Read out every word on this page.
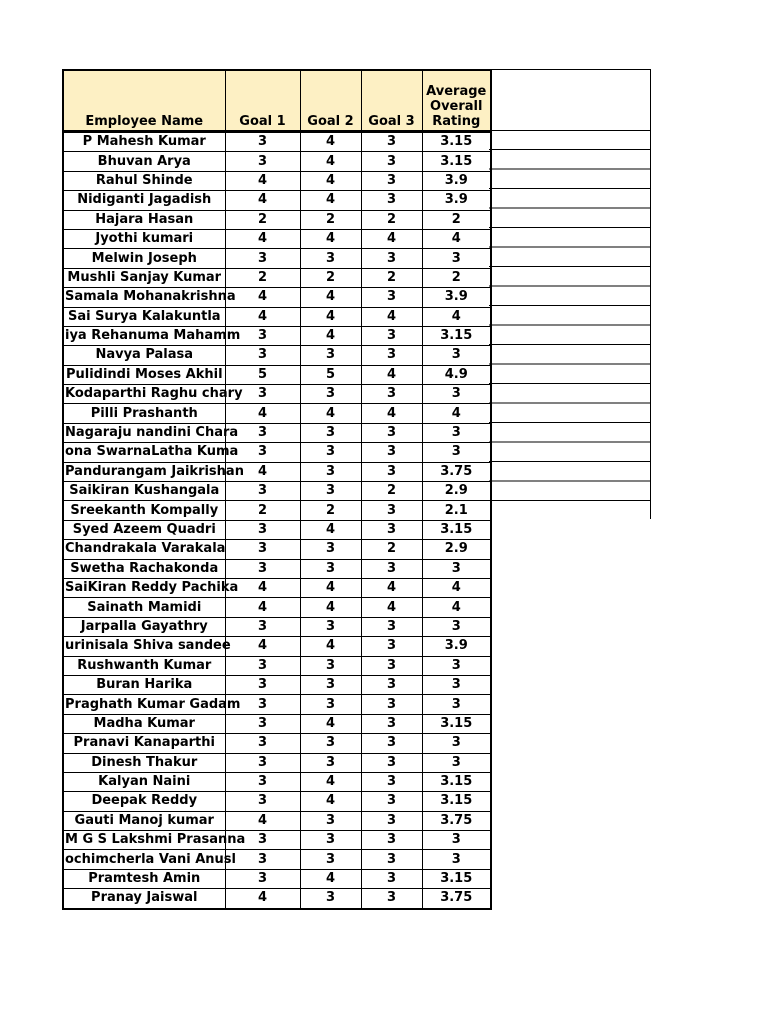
Employee Name	Goal 1	Goal 2	Goal 3	Average Overall Rating
P Mahesh Kumar	3	4	3	3.15
Bhuvan Arya	3	4	3	3.15
Rahul Shinde	4	4	3	3.9
Nidiganti Jagadish	4	4	3	3.9
Hajara Hasan	2	2	2	2
Jyothi kumari	4	4	4	4
Melwin Joseph	3	3	3	3
Mushli Sanjay Kumar	2	2	2	2
Samala Mohanakrishna	4	4	3	3.9
Sai Surya Kalakuntla	4	4	4	4
iya Rehanuma Mahamm	3	4	3	3.15
Navya Palasa	3	3	3	3
Pulidindi Moses Akhil	5	5	4	4.9
Kodaparthi Raghu chary	3	3	3	3
Pilli Prashanth	4	4	4	4
Nagaraju nandini Chara	3	3	3	3
ona SwarnaLatha Kuma	3	3	3	3
Pandurangam Jaikrishan	4	3	3	3.75
Saikiran Kushangala	3	3	2	2.9
Sreekanth Kompally	2	2	3	2.1
Syed Azeem Quadri	3	4	3	3.15
Chandrakala Varakala	3	3	2	2.9
Swetha Rachakonda	3	3	3	3
SaiKiran Reddy Pachika	4	4	4	4
Sainath Mamidi	4	4	4	4
Jarpalla Gayathry	3	3	3	3
urinisala Shiva sandee	4	4	3	3.9
Rushwanth Kumar	3	3	3	3
Buran Harika	3	3	3	3
Praghath Kumar Gadam	3	3	3	3
Madha Kumar	3	4	3	3.15
Pranavi Kanaparthi	3	3	3	3
Dinesh Thakur	3	3	3	3
Kalyan Naini	3	4	3	3.15
Deepak Reddy	3	4	3	3.15
Gauti Manoj kumar	4	3	3	3.75
M G S Lakshmi Prasanna	3	3	3	3
ochimcherla Vani Anusl	3	3	3	3
Pramtesh Amin	3	4	3	3.15
Pranay Jaiswal	4	3	3	3.75
